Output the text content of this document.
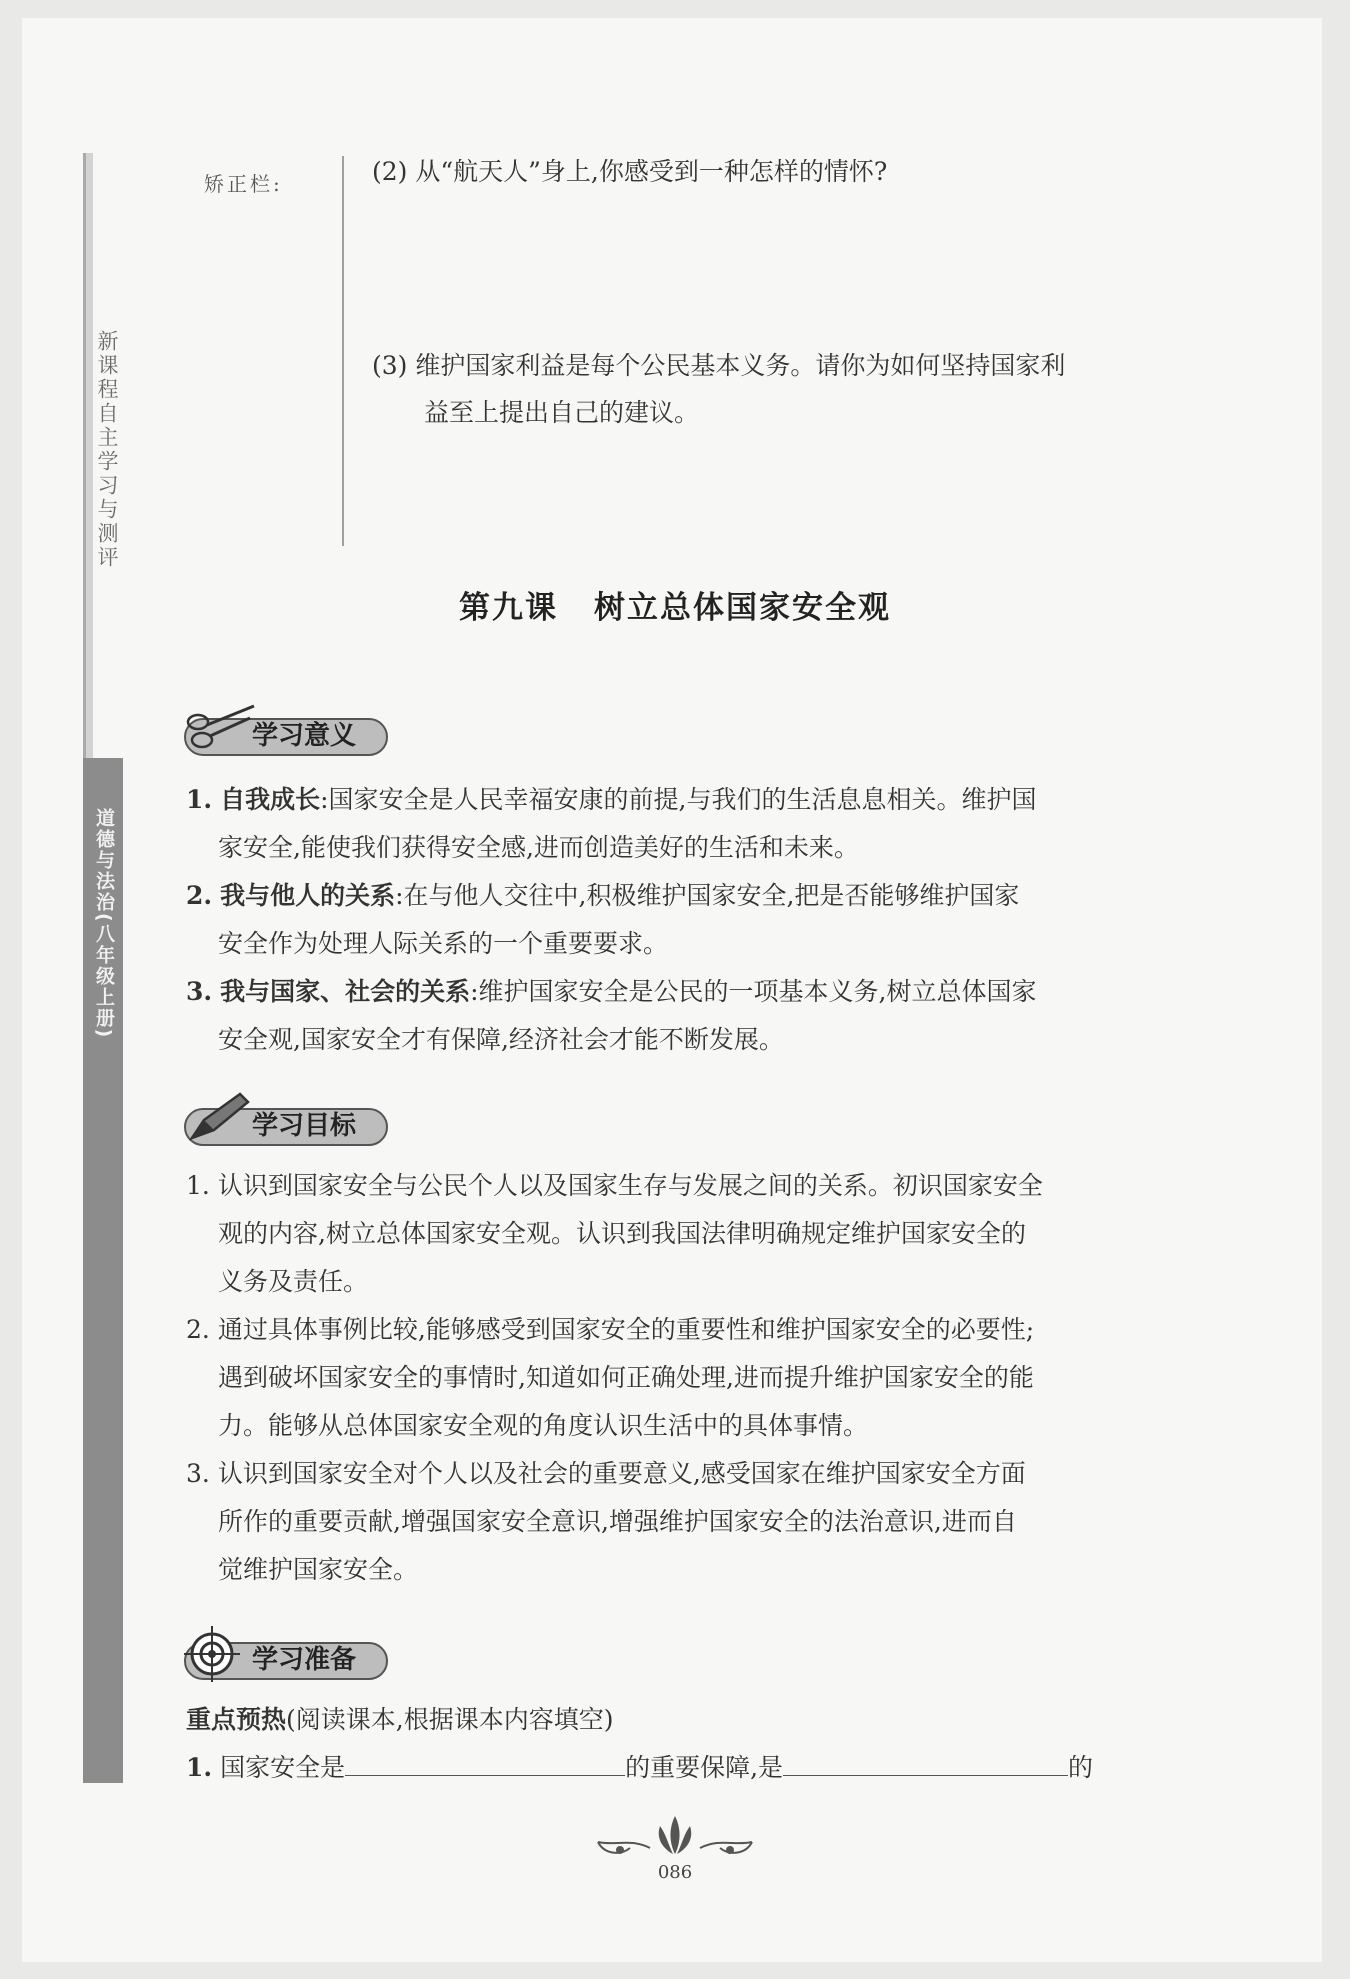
新课程自主学习与测评
道德与法治(八年级上册)
矫正栏:	(2) 从“航天人”身上,你感受到一种怎样的情怀?
(3) 维护国家利益是每个公民基本义务。请你为如何坚持国家利
益至上提出自己的建议。
第九课 树立总体国家安全观
学习意义
1. 自我成长:国家安全是人民幸福安康的前提,与我们的生活息息相关。维护国
家安全,能使我们获得安全感,进而创造美好的生活和未来。
2. 我与他人的关系:在与他人交往中,积极维护国家安全,把是否能够维护国家
安全作为处理人际关系的一个重要要求。
3. 我与国家、社会的关系:维护国家安全是公民的一项基本义务,树立总体国家
安全观,国家安全才有保障,经济社会才能不断发展。
学习目标
1. 认识到国家安全与公民个人以及国家生存与发展之间的关系。初识国家安全
观的内容,树立总体国家安全观。认识到我国法律明确规定维护国家安全的
义务及责任。
2. 通过具体事例比较,能够感受到国家安全的重要性和维护国家安全的必要性;
遇到破坏国家安全的事情时,知道如何正确处理,进而提升维护国家安全的能
力。能够从总体国家安全观的角度认识生活中的具体事情。
3. 认识到国家安全对个人以及社会的重要意义,感受国家在维护国家安全方面
所作的重要贡献,增强国家安全意识,增强维护国家安全的法治意识,进而自
觉维护国家安全。
学习准备
重点预热(阅读课本,根据课本内容填空)
1. 国家安全是	的重要保障,是	的
086
